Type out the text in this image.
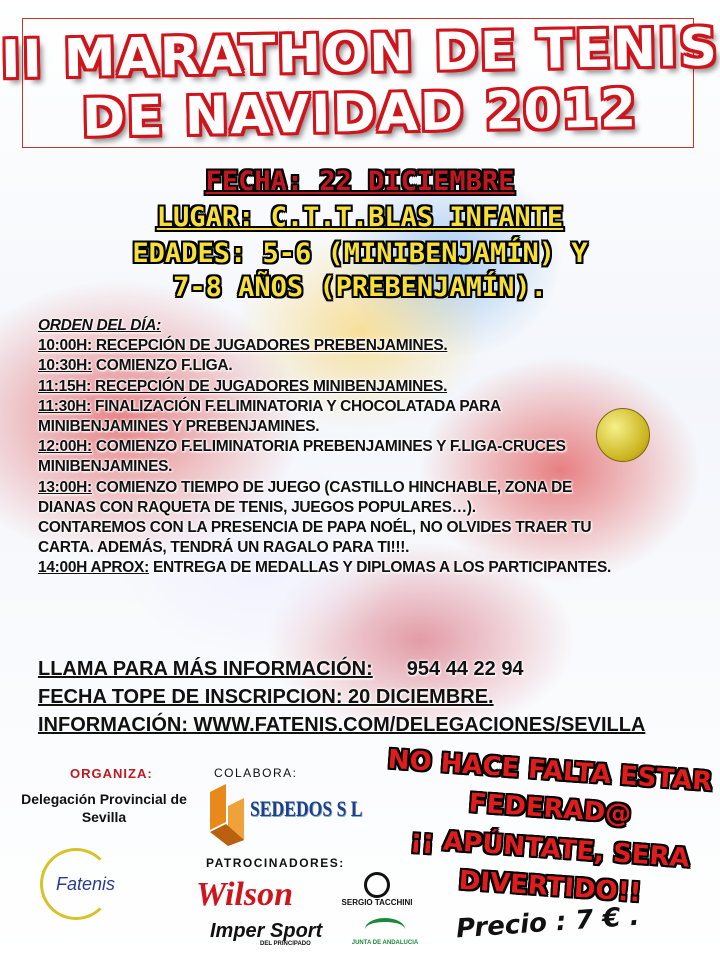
II MARATHON DE TENIS
DE NAVIDAD 2012
FECHA: 22 DICIEMBRE
LUGAR: C.T.T.BLAS INFANTE
EDADES: 5-6 (MINIBENJAMÍN) Y
7-8 AÑOS (PREBENJAMÍN).
ORDEN DEL DÍA:
10:00H: RECEPCIÓN DE JUGADORES PREBENJAMINES.
10:30H: COMIENZO F.LIGA.
11:15H: RECEPCIÓN DE JUGADORES MINIBENJAMINES.
11:30H: FINALIZACIÓN F.ELIMINATORIA Y CHOCOLATADA PARA
MINIBENJAMINES Y PREBENJAMINES.
12:00H: COMIENZO F.ELIMINATORIA PREBENJAMINES Y F.LIGA-CRUCES
MINIBENJAMINES.
13:00H: COMIENZO TIEMPO DE JUEGO (CASTILLO HINCHABLE, ZONA DE
DIANAS CON RAQUETA DE TENIS, JUEGOS POPULARES…).
CONTAREMOS CON LA PRESENCIA DE PAPA NOÉL, NO OLVIDES TRAER TU
CARTA. ADEMÁS, TENDRÁ UN RAGALO PARA TI!!!.
14:00H APROX: ENTREGA DE MEDALLAS Y DIPLOMAS A LOS PARTICIPANTES.
LLAMA PARA MÁS INFORMACIÓN: 954 44 22 94
FECHA TOPE DE INSCRIPCION: 20 DICIEMBRE.
INFORMACIÓN: WWW.FATENIS.COM/DELEGACIONES/SEVILLA
ORGANIZA:
Delegación Provincial de Sevilla
COLABORA:
SEDEDOS S L
PATROCINADORES:
Fatenis Wilson	SERGIO TACCHINI
Imper Sport
DEL PRINCIPADO	JUNTA DE ANDALUCIA
NO HACE FALTA ESTAR
FEDERAD@
¡¡ APÚNTATE, SERA
DIVERTIDO!!
Precio : 7 € .
